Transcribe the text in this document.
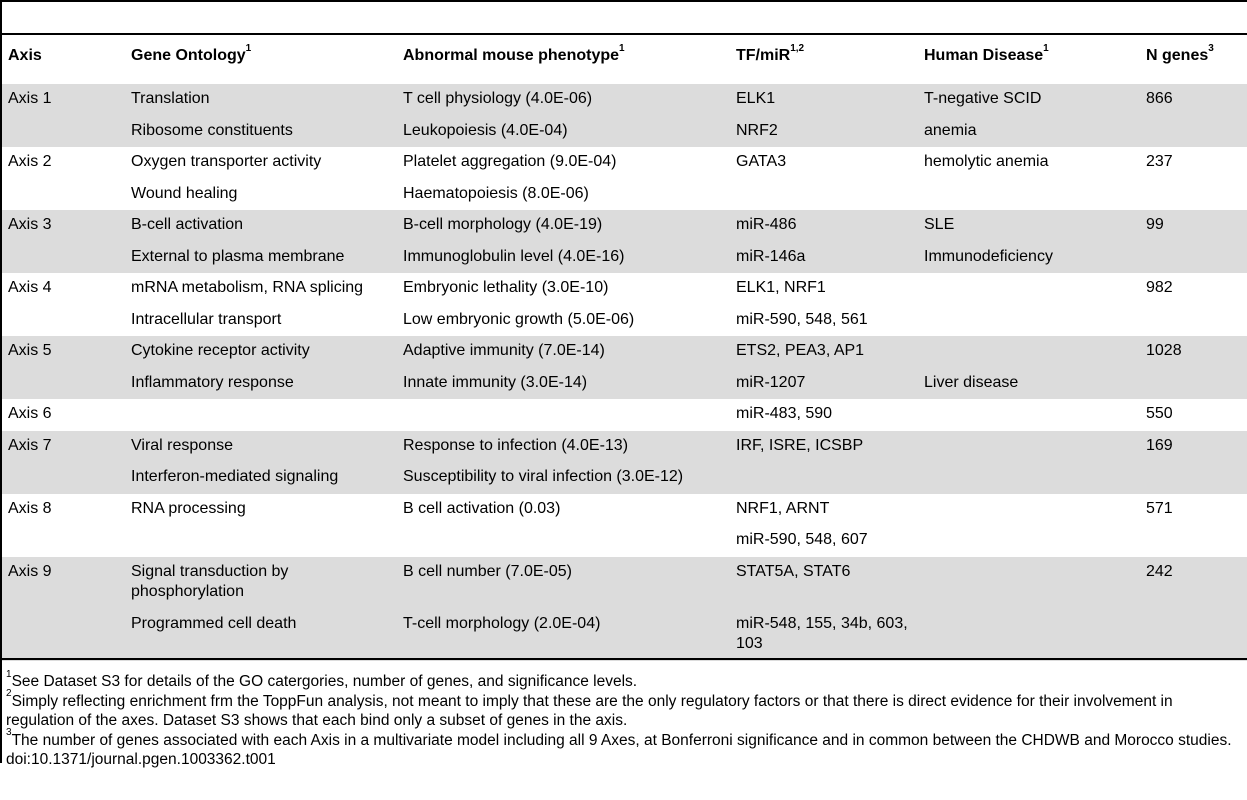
Axis	Gene Ontology$^1$	Abnormal mouse phenotype$^1$	TF/miR$^{1,2}$	Human Disease$^1$	N genes$^3$
Axis 1	Translation	T cell physiology (4.0E-06)	ELK1	T-negative SCID	866
	Ribosome constituents	Leukopoiesis (4.0E-04)	NRF2	anemia	
Axis 2	Oxygen transporter activity	Platelet aggregation (9.0E-04)	GATA3	hemolytic anemia	237
	Wound healing	Haematopoiesis (8.0E-06)			
Axis 3	B-cell activation	B-cell morphology (4.0E-19)	miR-486	SLE	99
	External to plasma membrane	Immunoglobulin level (4.0E-16)	miR-146a	Immunodeficiency	
Axis 4	mRNA metabolism, RNA splicing	Embryonic lethality (3.0E-10)	ELK1, NRF1		982
	Intracellular transport	Low embryonic growth (5.0E-06)	miR-590, 548, 561		
Axis 5	Cytokine receptor activity	Adaptive immunity (7.0E-14)	ETS2, PEA3, AP1		1028
	Inflammatory response	Innate immunity (3.0E-14)	miR-1207	Liver disease	
Axis 6			miR-483, 590		550
Axis 7	Viral response	Response to infection (4.0E-13)	IRF, ISRE, ICSBP		169
	Interferon-mediated signaling	Susceptibility to viral infection (3.0E-12)			
Axis 8	RNA processing	B cell activation (0.03)	NRF1, ARNT		571
			miR-590, 548, 607		
Axis 9	Signal transduction by phosphorylation	B cell number (7.0E-05)	STAT5A, STAT6		242
	Programmed cell death	T-cell morphology (2.0E-04)	miR-548, 155, 34b, 603, 103		

$^1$See Dataset S3 for details of the GO catergories, number of genes, and significance levels.

$^2$Simply reflecting enrichment frm the ToppFun analysis, not meant to imply that these are the only regulatory factors or that there is direct evidence for their involvement in regulation of the axes. Dataset S3 shows that each bind only a subset of genes in the axis.

$^3$The number of genes associated with each Axis in a multivariate model including all 9 Axes, at Bonferroni significance and in common between the CHDWB and Morocco studies.

doi:10.1371/journal.pgen.1003362.t001
